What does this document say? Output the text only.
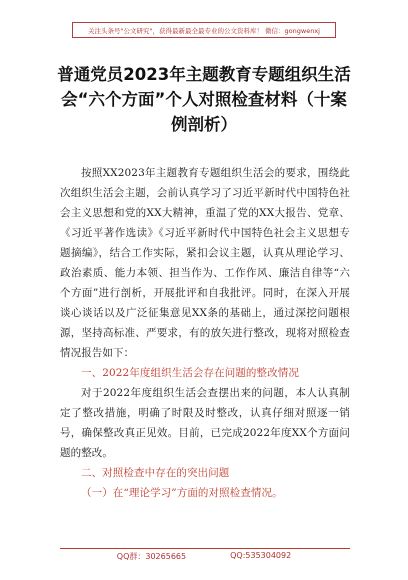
关注头条号"公文研究"，获得最新最全最专业的公文资料库！ 微信：gongwenxj
普通党员2023年主题教育专题组织生活
会“六个方面”个人对照检查材料（十案
例剖析）

按照XX2023年主题教育专题组织生活会的要求，围绕此次组织生活会主题，会前认真学习了习近平新时代中国特色社会主义思想和党的XX大精神，重温了党的XX大报告、党章、《习近平著作选读》《习近平新时代中国特色社会主义思想专题摘编》，结合工作实际，紧扣会议主题，认真从理论学习、政治素质、能力本领、担当作为、工作作风、廉洁自律等“六个方面”进行剖析，开展批评和自我批评。同时，在深入开展谈心谈话以及广泛征集意见XX条的基础上，通过深挖问题根源，坚持高标准、严要求，有的放矢进行整改，现将对照检查情况报告如下：

一、2022年度组织生活会存在问题的整改情况

对于2022年度组织生活会查摆出来的问题，本人认真制定了整改措施，明确了时限及时整改，认真仔细对照逐一销号，确保整改真正见效。目前，已完成2022年度XX个方面问题的整改。

二、对照检查中存在的突出问题

（一）在“理论学习”方面的对照检查情况。

QQ群：30265665	QQ:535304092
